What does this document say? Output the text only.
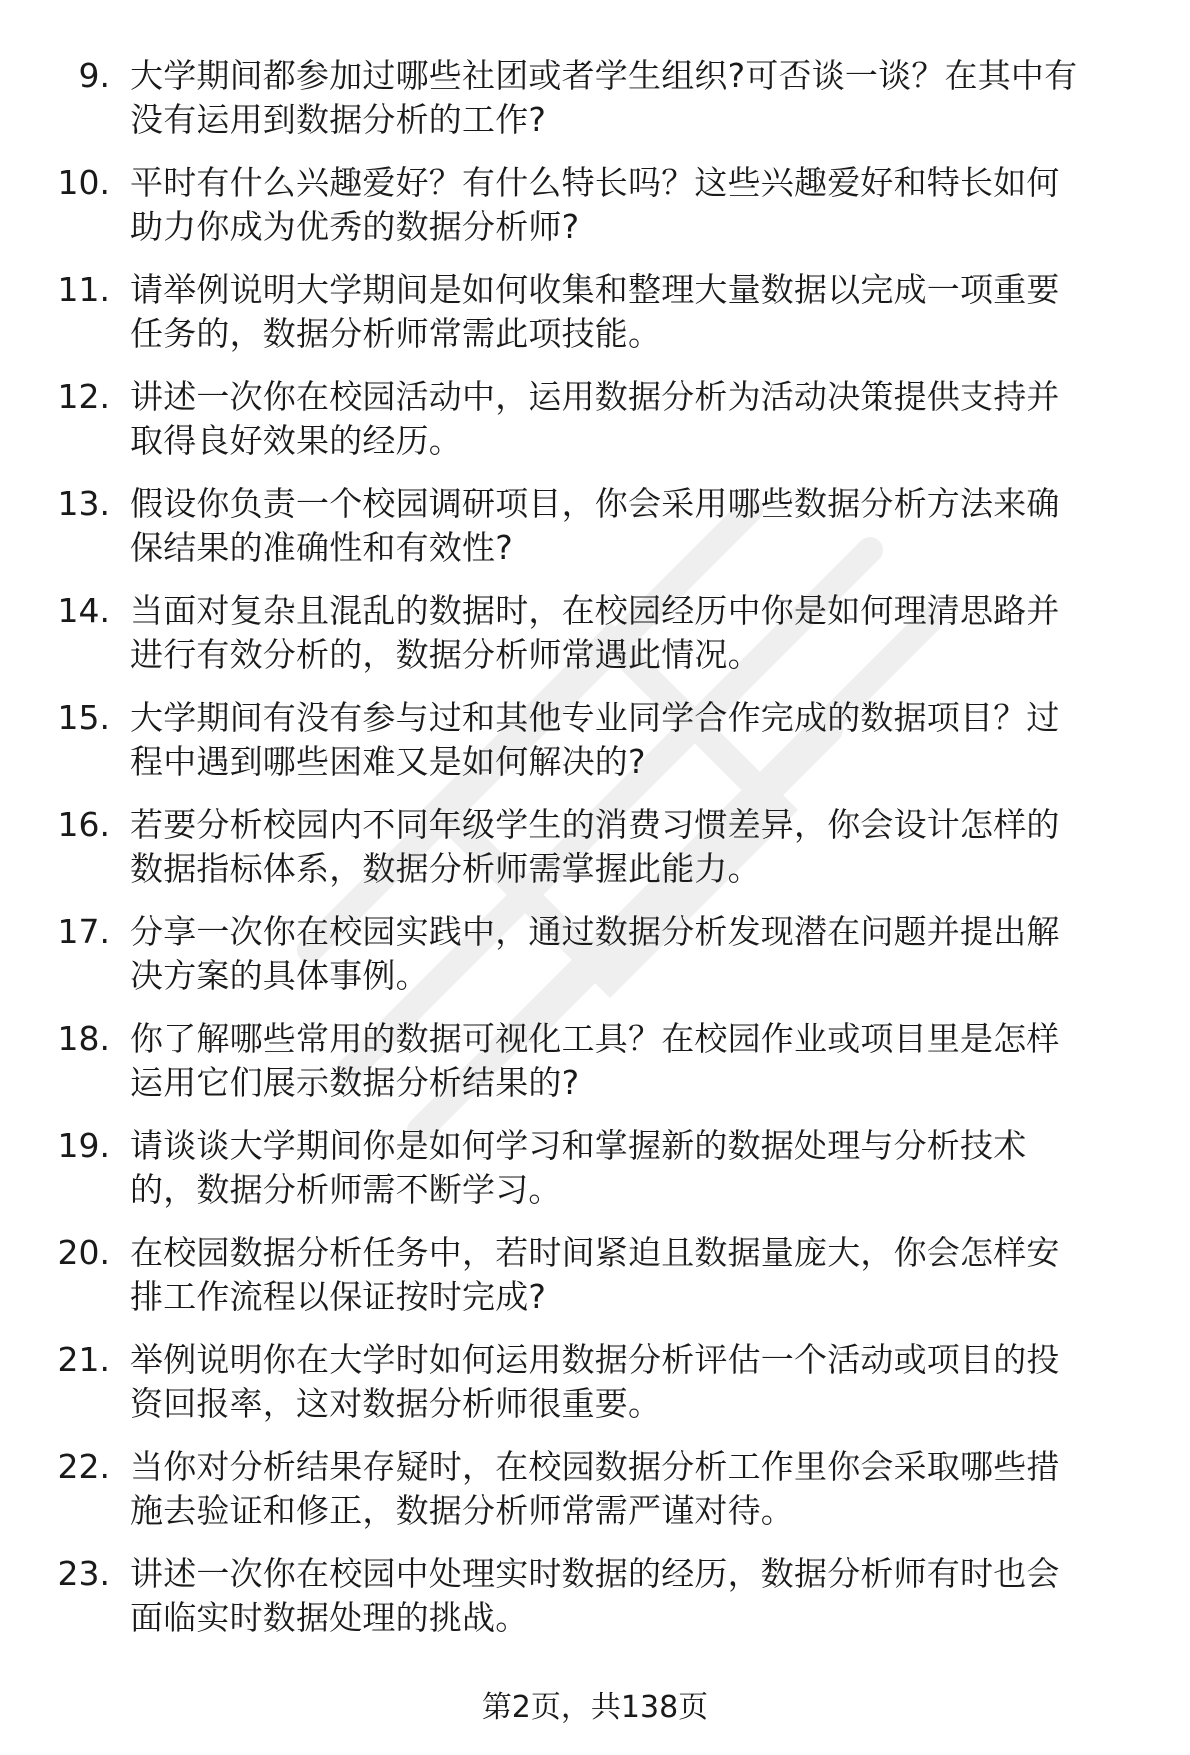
9. 大学期间都参加过哪些社团或者学生组织?可否谈一谈？在其中有
没有运用到数据分析的工作?
10. 平时有什么兴趣爱好？有什么特长吗？这些兴趣爱好和特长如何
助力你成为优秀的数据分析师?
11. 请举例说明大学期间是如何收集和整理大量数据以完成一项重要
任务的，数据分析师常需此项技能。
12. 讲述一次你在校园活动中，运用数据分析为活动决策提供支持并
取得良好效果的经历。
13. 假设你负责一个校园调研项目，你会采用哪些数据分析方法来确
保结果的准确性和有效性?
14. 当面对复杂且混乱的数据时，在校园经历中你是如何理清思路并
进行有效分析的，数据分析师常遇此情况。
15. 大学期间有没有参与过和其他专业同学合作完成的数据项目？过
程中遇到哪些困难又是如何解决的?
16. 若要分析校园内不同年级学生的消费习惯差异，你会设计怎样的
数据指标体系，数据分析师需掌握此能力。
17. 分享一次你在校园实践中，通过数据分析发现潜在问题并提出解
决方案的具体事例。
18. 你了解哪些常用的数据可视化工具？在校园作业或项目里是怎样
运用它们展示数据分析结果的?
19. 请谈谈大学期间你是如何学习和掌握新的数据处理与分析技术
的，数据分析师需不断学习。
20. 在校园数据分析任务中，若时间紧迫且数据量庞大，你会怎样安
排工作流程以保证按时完成?
21. 举例说明你在大学时如何运用数据分析评估一个活动或项目的投
资回报率，这对数据分析师很重要。
22. 当你对分析结果存疑时，在校园数据分析工作里你会采取哪些措
施去验证和修正，数据分析师常需严谨对待。
23. 讲述一次你在校园中处理实时数据的经历，数据分析师有时也会
面临实时数据处理的挑战。
第2页，共138页
